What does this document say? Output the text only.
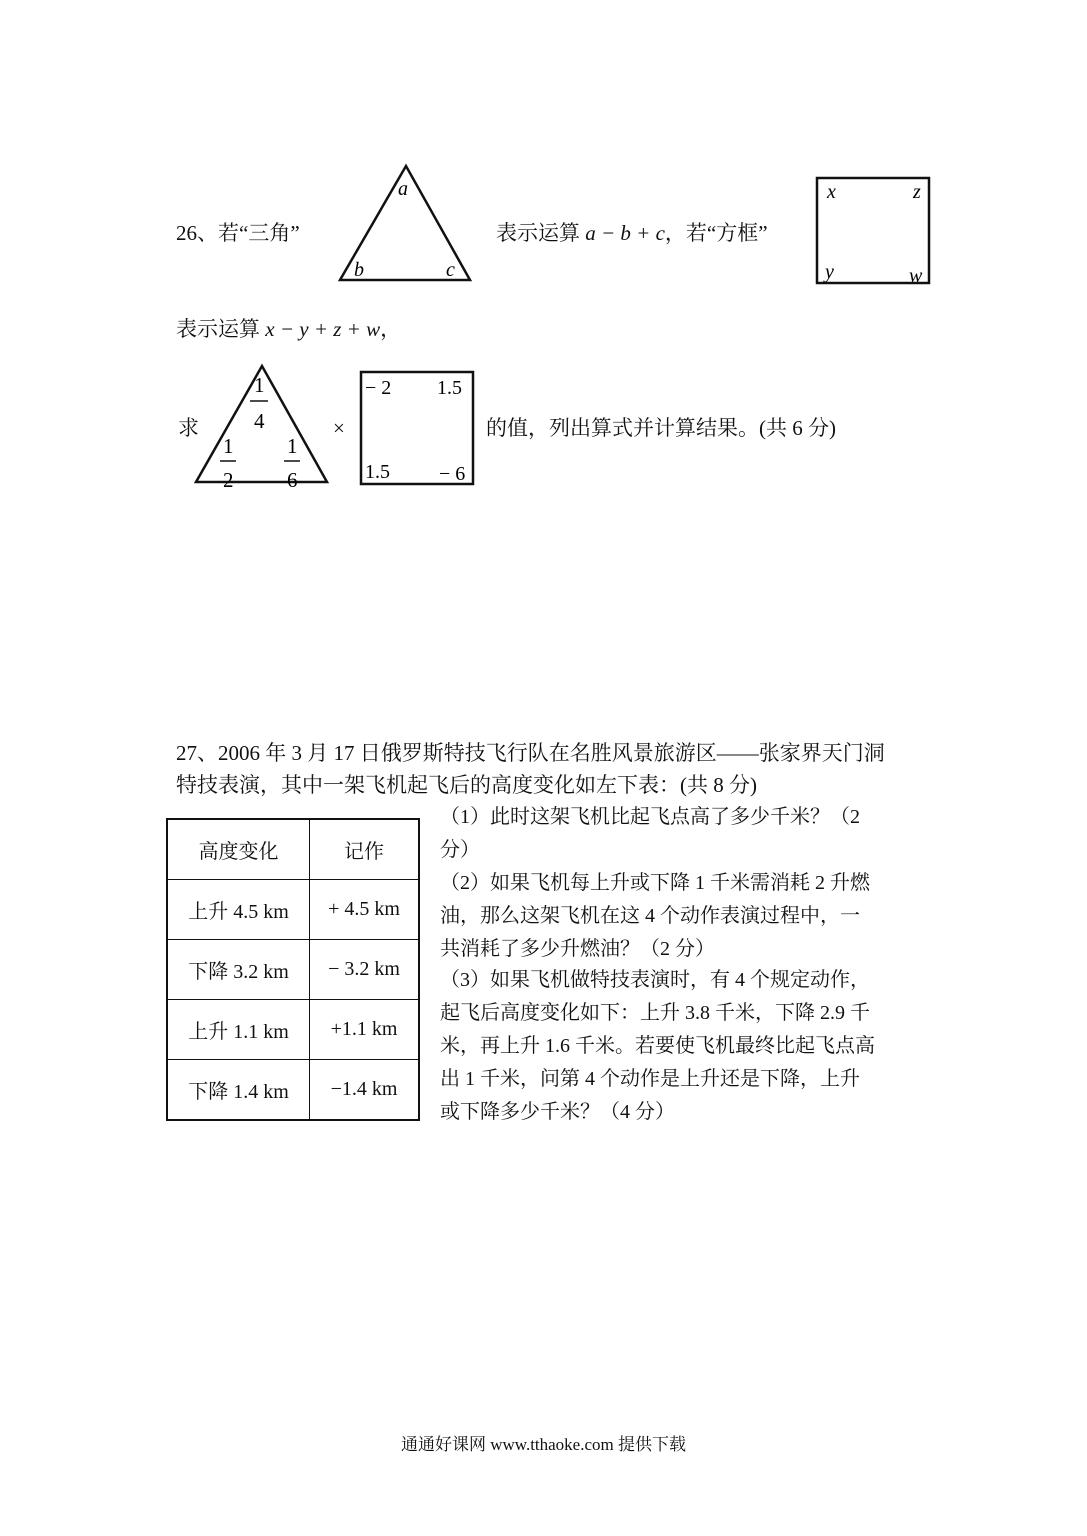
26、若“三角”
a
b	c
表示运算 a − b + c，若“方框”
x	z
y	w
表示运算 x − y + z + w，
求
1
4
1
2
1
6
×
− 2 1.5
1.5 − 6
的值，列出算式并计算结果。(共 6 分)
27、2006 年 3 月 17 日俄罗斯特技飞行队在名胜风景旅游区——张家界天门洞
特技表演，其中一架飞机起飞后的高度变化如左下表：(共 8 分)
高度变化	记作
上升 4.5 km	+ 4.5 km
下降 3.2 km	− 3.2 km
上升 1.1 km	+1.1 km
下降 1.4 km	−1.4 km

（1）此时这架飞机比起飞点高了多少千米？（2

分）

（2）如果飞机每上升或下降 1 千米需消耗 2 升燃

油，那么这架飞机在这 4 个动作表演过程中，一

共消耗了多少升燃油？（2 分）

（3）如果飞机做特技表演时，有 4 个规定动作，

起飞后高度变化如下：上升 3.8 千米，下降 2.9 千

米，再上升 1.6 千米。若要使飞机最终比起飞点高

出 1 千米，问第 4 个动作是上升还是下降，上升

或下降多少千米？（4 分）

通通好课网 www.tthaoke.com 提供下载
